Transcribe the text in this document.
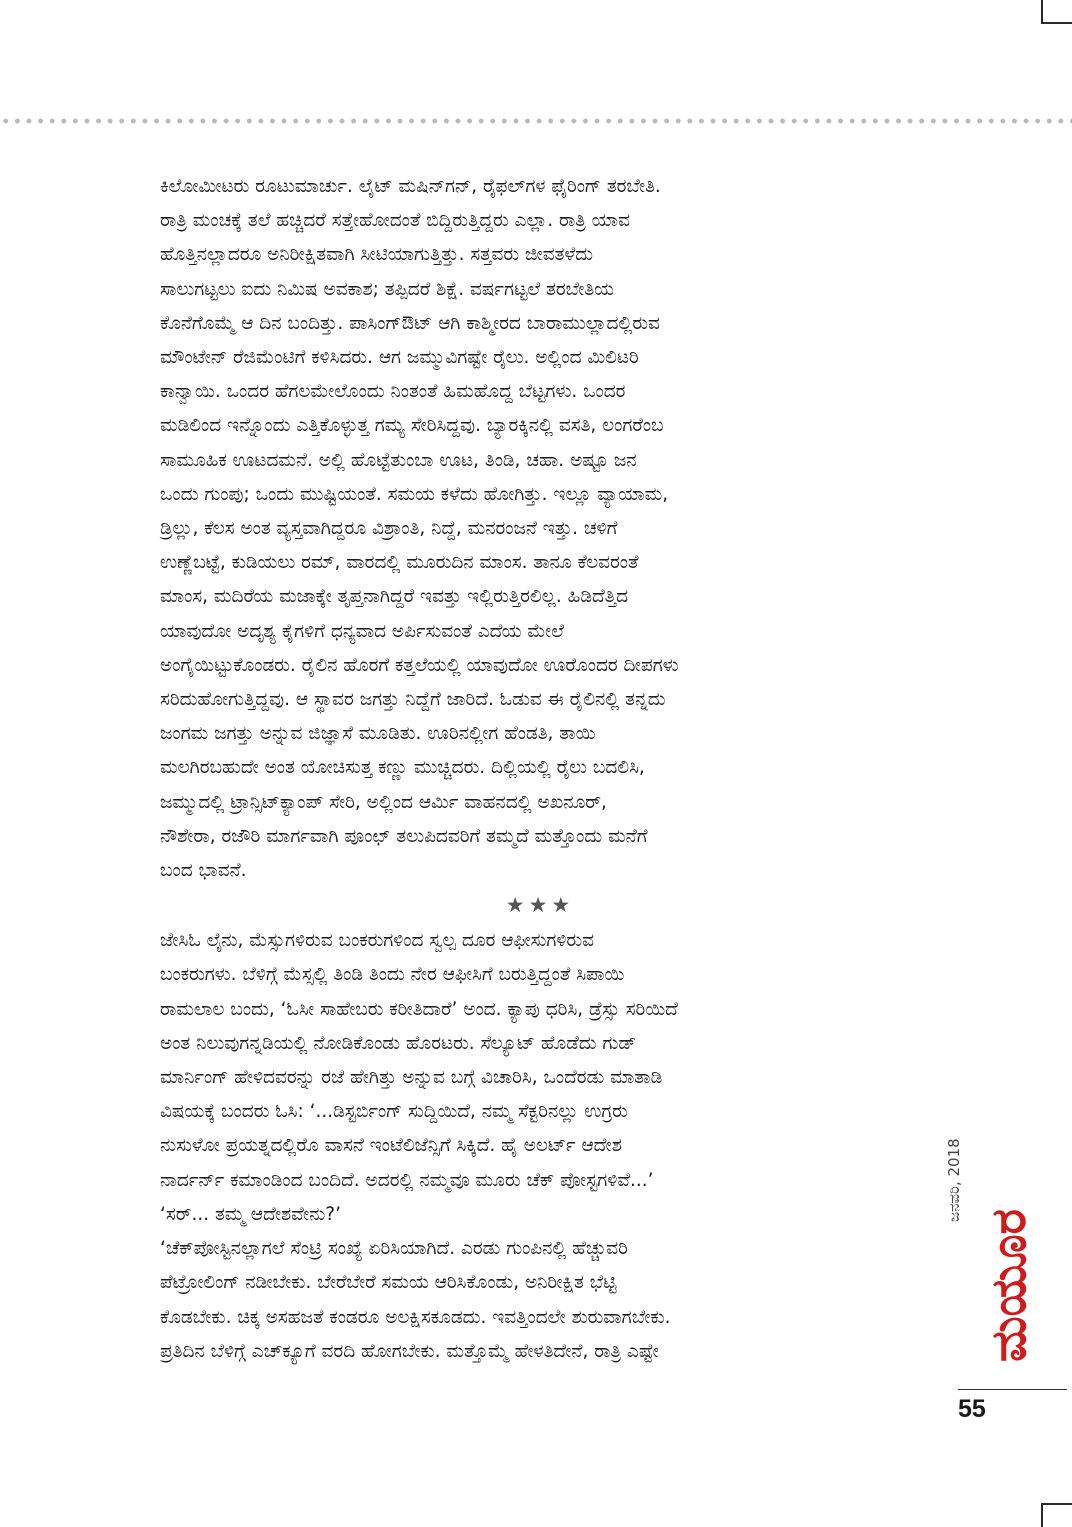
ಕಿಲೋಮೀಟರು ರೂಟುಮಾರ್ಚು. ಲೈಟ್ ಮಷಿನ್‌ಗನ್, ರೈಫಲ್‌ಗಳ ಫೈರಿಂಗ್ ತರಬೇತಿ.
ರಾತ್ರಿ ಮಂಚಕ್ಕೆ ತಲೆ ಹಚ್ಚಿದರೆ ಸತ್ತೇಹೋದಂತೆ ಬಿದ್ದಿರುತ್ತಿದ್ದರು ಎಲ್ಲಾ. ರಾತ್ರಿ ಯಾವ
ಹೊತ್ತಿನಲ್ಲಾದರೂ ಅನಿರೀಕ್ಷಿತವಾಗಿ ಸೀಟಿಯಾಗುತ್ತಿತ್ತು. ಸತ್ತವರು ಜೀವತಳೆದು
ಸಾಲುಗಟ್ಟಲು ಐದು ನಿಮಿಷ ಅವಕಾಶ; ತಪ್ಪಿದರೆ ಶಿಕ್ಷೆ. ವರ್ಷಗಟ್ಟಲೆ ತರಬೇತಿಯ
ಕೊನೆಗೊಮ್ಮೆ ಆ ದಿನ ಬಂದಿತ್ತು. ಪಾಸಿಂಗ್‌ಔಟ್ ಆಗಿ ಕಾಶ್ಮೀರದ ಬಾರಾಮುಲ್ಲಾದಲ್ಲಿರುವ
ಮೌಂಟೇನ್ ರೆಜಿಮೆಂಟಿಗೆ ಕಳಿಸಿದರು. ಆಗ ಜಮ್ಮುವಿಗಷ್ಟೇ ರೈಲು. ಅಲ್ಲಿಂದ ಮಿಲಿಟರಿ
ಕಾನ್ವಾಯಿ. ಒಂದರ ಹೆಗಲಮೇಲೊಂದು ನಿಂತಂತೆ ಹಿಮಹೊದ್ದ ಬೆಟ್ಟಗಳು. ಒಂದರ
ಮಡಿಲಿಂದ ಇನ್ನೊಂದು ಎತ್ತಿಕೊಳ್ಳುತ್ತ ಗಮ್ಯ ಸೇರಿಸಿದ್ದವು. ಬ್ಯಾರಕ್ಕಿನಲ್ಲಿ ವಸತಿ, ಲಂಗರೆಂಬ
ಸಾಮೂಹಿಕ ಊಟದಮನೆ. ಅಲ್ಲಿ ಹೊಟ್ಟೆತುಂಬಾ ಊಟ, ತಿಂಡಿ, ಚಹಾ. ಅಷ್ಟೂ ಜನ
ಒಂದು ಗುಂಪು; ಒಂದು ಮುಷ್ಟಿಯಂತೆ. ಸಮಯ ಕಳೆದು ಹೋಗಿತ್ತು. ಇಲ್ಲೂ ವ್ಯಾಯಾಮ,
ಡ್ರಿಲ್ಲು, ಕೆಲಸ ಅಂತ ವ್ಯಸ್ತವಾಗಿದ್ದರೂ ವಿಶ್ರಾಂತಿ, ನಿದ್ದೆ, ಮನರಂಜನೆ ಇತ್ತು. ಚಳಿಗೆ
ಉಣ್ಣೆಬಟ್ಟೆ, ಕುಡಿಯಲು ರಮ್, ವಾರದಲ್ಲಿ ಮೂರುದಿನ ಮಾಂಸ. ತಾನೂ ಕೆಲವರಂತೆ
ಮಾಂಸ, ಮದಿರೆಯ ಮಜಾಕ್ಕೇ ತೃಪ್ತನಾಗಿದ್ದರೆ ಇವತ್ತು ಇಲ್ಲಿರುತ್ತಿರಲಿಲ್ಲ. ಹಿಡಿದೆತ್ತಿದ
ಯಾವುದೋ ಅದೃಶ್ಯ ಕೈಗಳಿಗೆ ಧನ್ಯವಾದ ಅರ್ಪಿಸುವಂತೆ ಎದೆಯ ಮೇಲೆ
ಅಂಗೈಯಿಟ್ಟುಕೊಂಡರು. ರೈಲಿನ ಹೊರಗೆ ಕತ್ತಲೆಯಲ್ಲಿ ಯಾವುದೋ ಊರೊಂದರ ದೀಪಗಳು
ಸರಿದುಹೋಗುತ್ತಿದ್ದವು. ಆ ಸ್ಥಾವರ ಜಗತ್ತು ನಿದ್ದೆಗೆ ಜಾರಿದೆ. ಓಡುವ ಈ ರೈಲಿನಲ್ಲಿ ತನ್ನದು
ಜಂಗಮ ಜಗತ್ತು ಅನ್ನುವ ಜಿಜ್ಞಾಸೆ ಮೂಡಿತು. ಊರಿನಲ್ಲೀಗ ಹೆಂಡತಿ, ತಾಯಿ
ಮಲಗಿರಬಹುದೇ ಅಂತ ಯೋಚಿಸುತ್ತ ಕಣ್ಣು ಮುಚ್ಚಿದರು. ದಿಲ್ಲಿಯಲ್ಲಿ ರೈಲು ಬದಲಿಸಿ,
ಜಮ್ಮುದಲ್ಲಿ ಟ್ರಾನ್ಸಿಟ್‌ಕ್ಯಾಂಪ್ ಸೇರಿ, ಅಲ್ಲಿಂದ ಆರ್ಮಿ ವಾಹನದಲ್ಲಿ ಅಖನೂರ್,
ನೌಶೇರಾ, ರಜೌರಿ ಮಾರ್ಗವಾಗಿ ಪೂಂಛ್ ತಲುಪಿದವರಿಗೆ ತಮ್ಮದೆ ಮತ್ತೊಂದು ಮನೆಗೆ
ಬಂದ ಭಾವನೆ.

★★★

ಜೇಸಿಓ ಲೈನು, ಮೆಸ್ಸುಗಳಿರುವ ಬಂಕರುಗಳಿಂದ ಸ್ವಲ್ಪ ದೂರ ಆಫೀಸುಗಳಿರುವ
ಬಂಕರುಗಳು. ಬೆಳಿಗ್ಗೆ ಮೆಸ್ಸಲ್ಲಿ ತಿಂಡಿ ತಿಂದು ನೇರ ಆಫೀಸಿಗೆ ಬರುತ್ತಿದ್ದಂತೆ ಸಿಪಾಯಿ
ರಾಮಲಾಲ ಬಂದು, ‘ಓಸೀ ಸಾಹೇಬರು ಕರೀತಿದಾರೆ’ ಅಂದ. ಕ್ಯಾಪು ಧರಿಸಿ, ಡ್ರೆಸ್ಸು ಸರಿಯಿದೆ
ಅಂತ ನಿಲುವುಗನ್ನಡಿಯಲ್ಲಿ ನೋಡಿಕೊಂಡು ಹೊರಟರು. ಸೆಲ್ಯೂಟ್ ಹೊಡೆದು ಗುಡ್
ಮಾರ್ನಿಂಗ್ ಹೇಳಿದವರನ್ನು ರಜೆ ಹೇಗಿತ್ತು ಅನ್ನುವ ಬಗ್ಗೆ ವಿಚಾರಿಸಿ, ಒಂದೆರಡು ಮಾತಾಡಿ
ವಿಷಯಕ್ಕೆ ಬಂದರು ಓಸಿ: ‘...ಡಿಸ್ಟರ್ಬಿಂಗ್ ಸುದ್ದಿಯಿದೆ, ನಮ್ಮ ಸೆಕ್ಟರಿನಲ್ಲು ಉಗ್ರರು
ನುಸುಳೋ ಪ್ರಯತ್ನದಲ್ಲಿರೊ ವಾಸನೆ ಇಂಟೆಲಿಜೆನ್ಸಿಗೆ ಸಿಕ್ಕಿದೆ. ಹೈ ಅಲರ್ಟ್ ಆದೇಶ
ನಾರ್ದರ್ನ್ ಕಮಾಂಡಿಂದ ಬಂದಿದೆ. ಅದರಲ್ಲಿ ನಮ್ಮವೂ ಮೂರು ಚೆಕ್ ಪೋಸ್ಟಗಳಿವೆ...’

‘ಸರ್... ತಮ್ಮ ಆದೇಶವೇನು?’

‘ಚೆಕ್‌ಪೋಸ್ಟಿನಲ್ಲಾಗಲೆ ಸೆಂಟ್ರಿ ಸಂಖ್ಯೆ ಏರಿಸಿಯಾಗಿದೆ. ಎರಡು ಗುಂಪಿನಲ್ಲಿ ಹೆಚ್ಚುವರಿ
ಪೆಟ್ರೋಲಿಂಗ್ ನಡೀಬೇಕು. ಬೇರೆಬೇರೆ ಸಮಯ ಆರಿಸಿಕೊಂಡು, ಅನಿರೀಕ್ಷಿತ ಭೆಟ್ಟಿ
ಕೊಡಬೇಕು. ಚಿಕ್ಕ ಅಸಹಜತೆ ಕಂಡರೂ ಅಲಕ್ಷಿಸಕೂಡದು. ಇವತ್ತಿಂದಲೇ ಶುರುವಾಗಬೇಕು.
ಪ್ರತಿದಿನ ಬೆಳಿಗ್ಗೆ ಎಚ್‌ಕ್ಯೂಗೆ ವರದಿ ಹೋಗಬೇಕು. ಮತ್ತೊಮ್ಮೆ ಹೇಳತಿದೇನೆ, ರಾತ್ರಿ ಎಷ್ಟೇ

ಜನವರಿ, 2018
ಮಯೂರ
55
